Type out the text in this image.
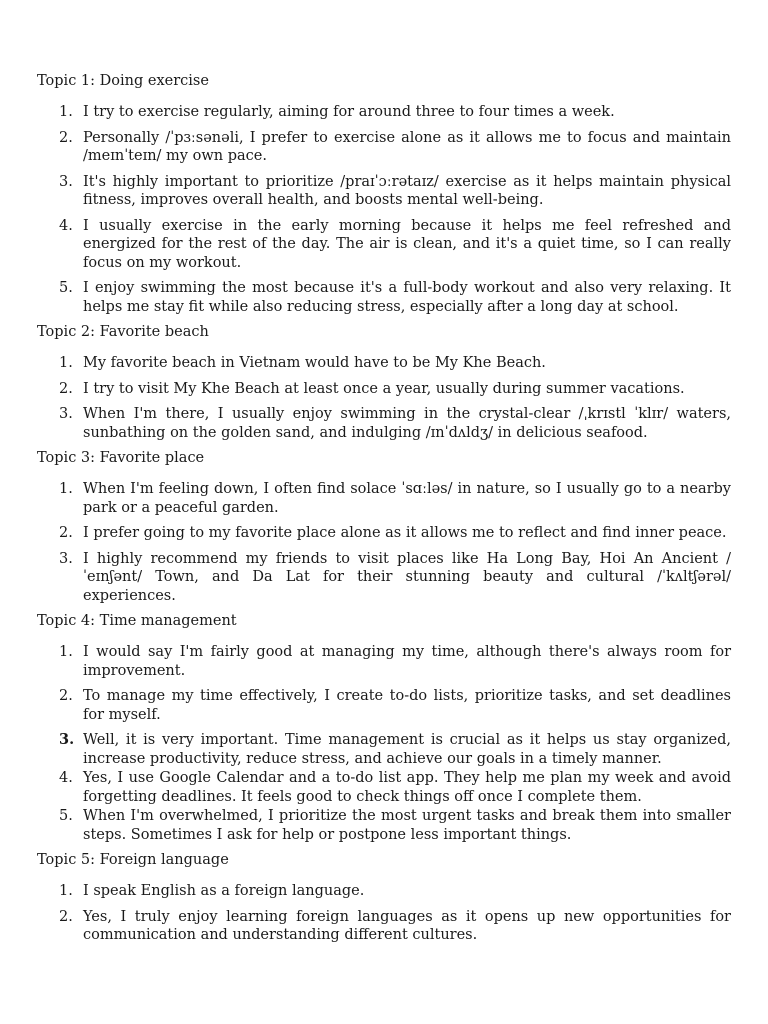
Topic 1: Doing exercise
1. I try to exercise regularly, aiming for around three to four times a week.
2. Personally /ˈpɜːsənəli, I prefer to exercise alone as it allows me to focus and maintain /meɪnˈteɪn/ my own pace.
3. It's highly important to prioritize /praɪˈɔːrətaɪz/ exercise as it helps maintain physical fitness, improves overall health, and boosts mental well-being.
4. I usually exercise in the early morning because it helps me feel refreshed and energized for the rest of the day. The air is clean, and it's a quiet time, so I can really focus on my workout.
5. I enjoy swimming the most because it's a full-body workout and also very relaxing. It helps me stay fit while also reducing stress, especially after a long day at school.
Topic 2: Favorite beach
1. My favorite beach in Vietnam would have to be My Khe Beach.
2. I try to visit My Khe Beach at least once a year, usually during summer vacations.
3. When I'm there, I usually enjoy swimming in the crystal-clear /ˌkrɪstl ˈklɪr/ waters, sunbathing on the golden sand, and indulging /ɪnˈdʌldʒ/ in delicious seafood.
Topic 3: Favorite place
1. When I'm feeling down, I often find solace ˈsɑːləs/ in nature, so I usually go to a nearby park or a peaceful garden.
2. I prefer going to my favorite place alone as it allows me to reflect and find inner peace.
3. I highly recommend my friends to visit places like Ha Long Bay, Hoi An Ancient /ˈeɪnʃənt/ Town, and Da Lat for their stunning beauty and cultural /ˈkʌltʃərəl/ experiences.
Topic 4: Time management
1. I would say I'm fairly good at managing my time, although there's always room for improvement.
2. To manage my time effectively, I create to-do lists, prioritize tasks, and set deadlines for myself.
3. Well, it is very important. Time management is crucial as it helps us stay organized, increase productivity, reduce stress, and achieve our goals in a timely manner.
4. Yes, I use Google Calendar and a to-do list app. They help me plan my week and avoid forgetting deadlines. It feels good to check things off once I complete them.
5. When I'm overwhelmed, I prioritize the most urgent tasks and break them into smaller steps. Sometimes I ask for help or postpone less important things.
Topic 5: Foreign language
1. I speak English as a foreign language.
2. Yes, I truly enjoy learning foreign languages as it opens up new opportunities for communication and understanding different cultures.
